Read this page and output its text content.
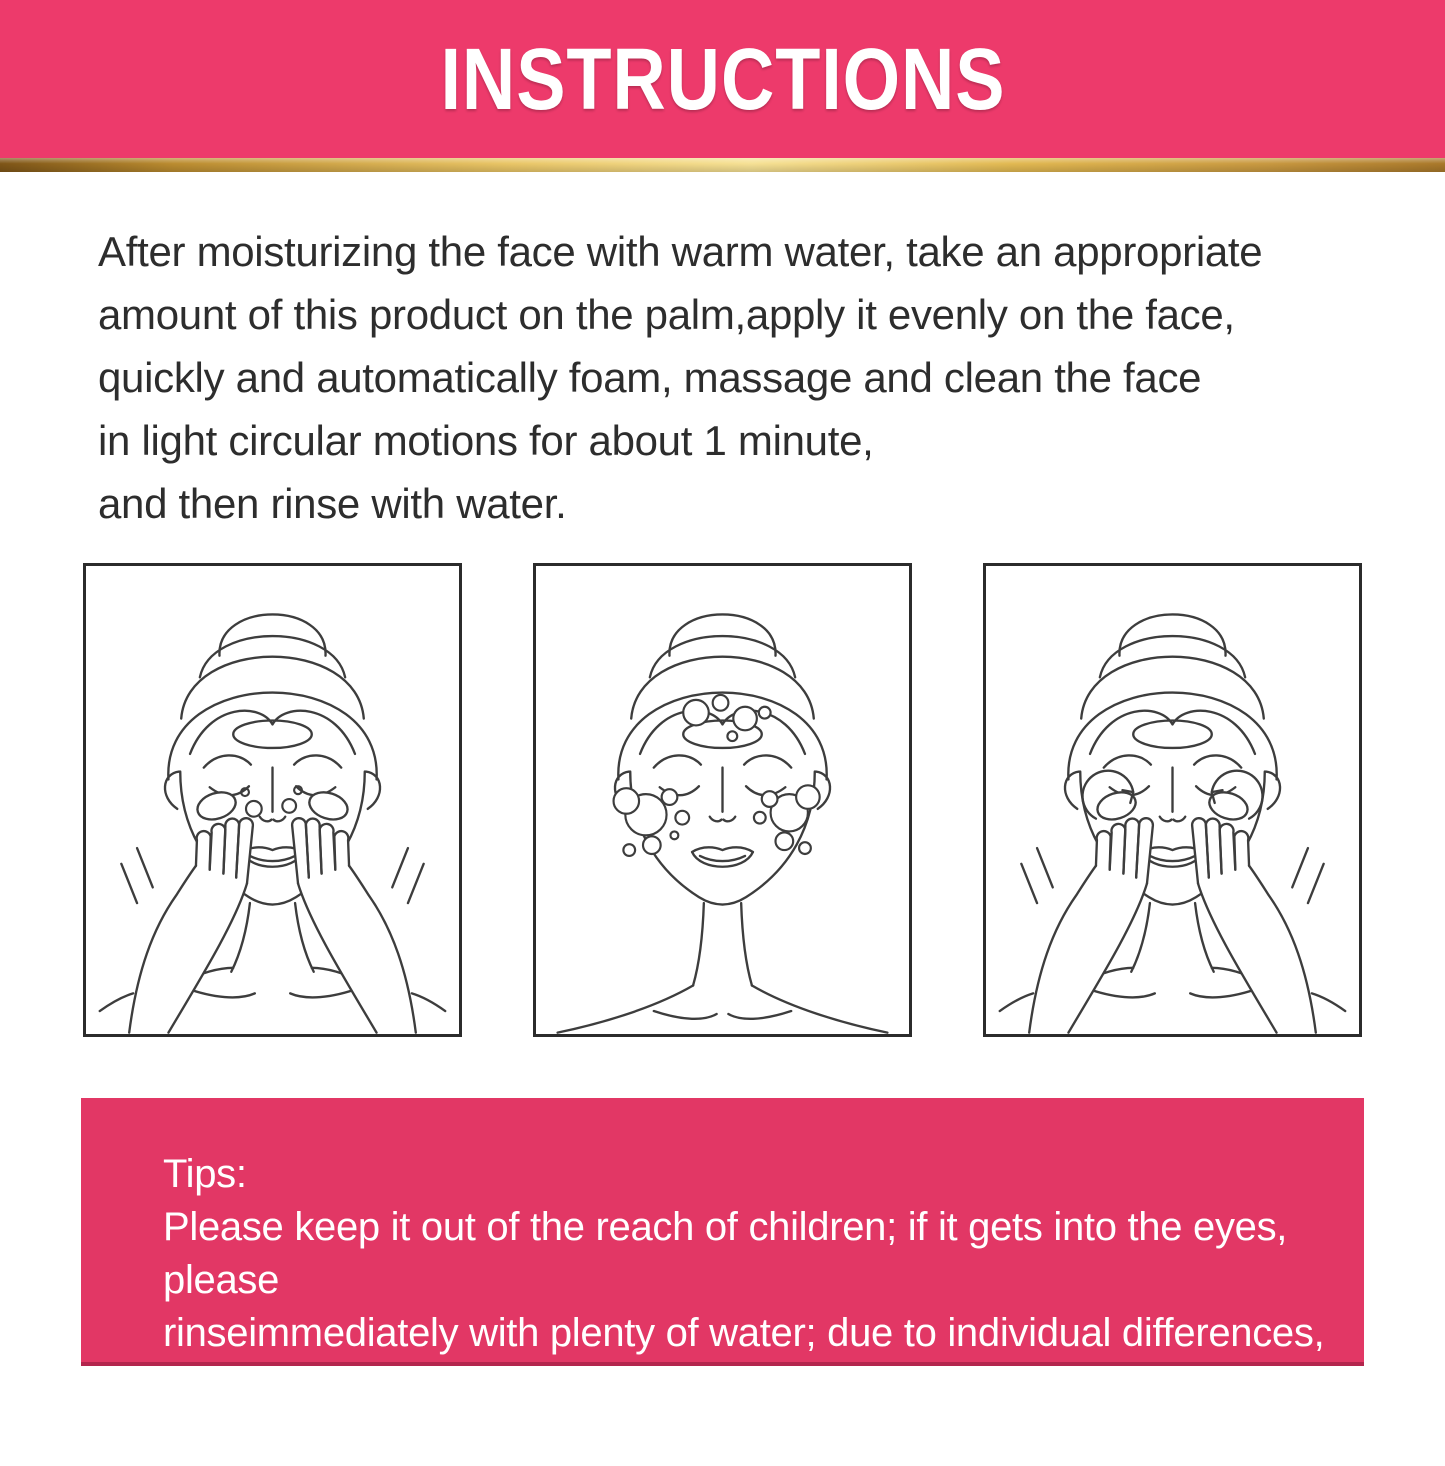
INSTRUCTIONS

After moisturizing the face with warm water, take an appropriate

amount of this product on the palm,apply it evenly on the face,

quickly and automatically foam, massage and clean the face

in light circular motions for about 1 minute,

and then rinse with water.

Tips:

Please keep it out of the reach of children; if it gets into the eyes, please

rinseimmediately with plenty of water; due to individual differences,

please sit and test the local skin first, and use it if there is no discomfort.
